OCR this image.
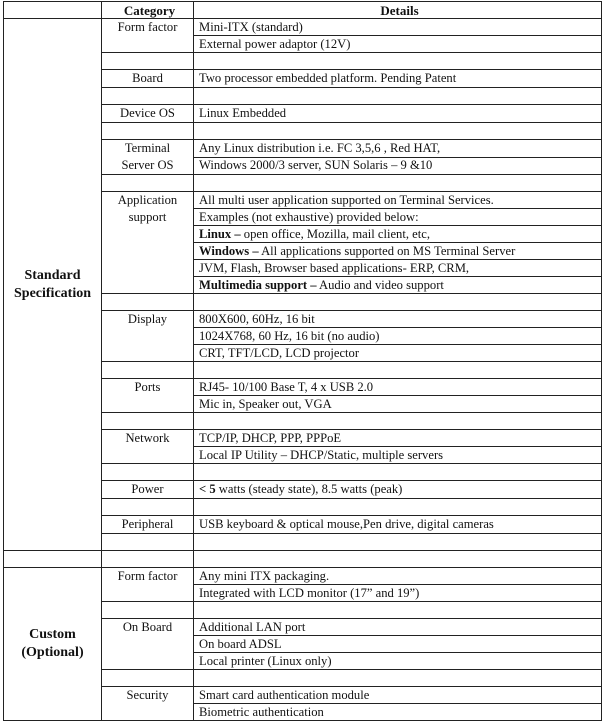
	Category	Details
Standard
Specification	Form factor	Mini-ITX (standard)
		External power adaptor (12V)

	Board	Two processor embedded platform. Pending Patent

	Device OS	Linux Embedded

	Terminal
Server OS	Any Linux distribution i.e. FC 3,5,6 , Red HAT,
		Windows 2000/3 server, SUN Solaris – 9 &10

	Application
support	All multi user application supported on Terminal Services.
		Examples (not exhaustive) provided below:
		Linux – open office, Mozilla, mail client, etc,
		Windows – All applications supported on MS Terminal Server
		JVM, Flash, Browser based applications- ERP, CRM,
		Multimedia support – Audio and video support

	Display	800X600, 60Hz, 16 bit
		1024X768, 60 Hz, 16 bit (no audio)
		CRT, TFT/LCD, LCD projector

	Ports	RJ45- 10/100 Base T, 4 x USB 2.0
		Mic in, Speaker out, VGA

	Network	TCP/IP, DHCP, PPP, PPPoE
		Local IP Utility – DHCP/Static, multiple servers

	Power	< 5 watts (steady state), 8.5 watts (peak)

	Peripheral	USB keyboard & optical mouse,Pen drive, digital cameras

Custom
(Optional)	Form factor	Any mini ITX packaging.
		Integrated with LCD monitor (17” and 19”)

	On Board	Additional LAN port
		On board ADSL
		Local printer (Linux only)

	Security	Smart card authentication module
		Biometric authentication
